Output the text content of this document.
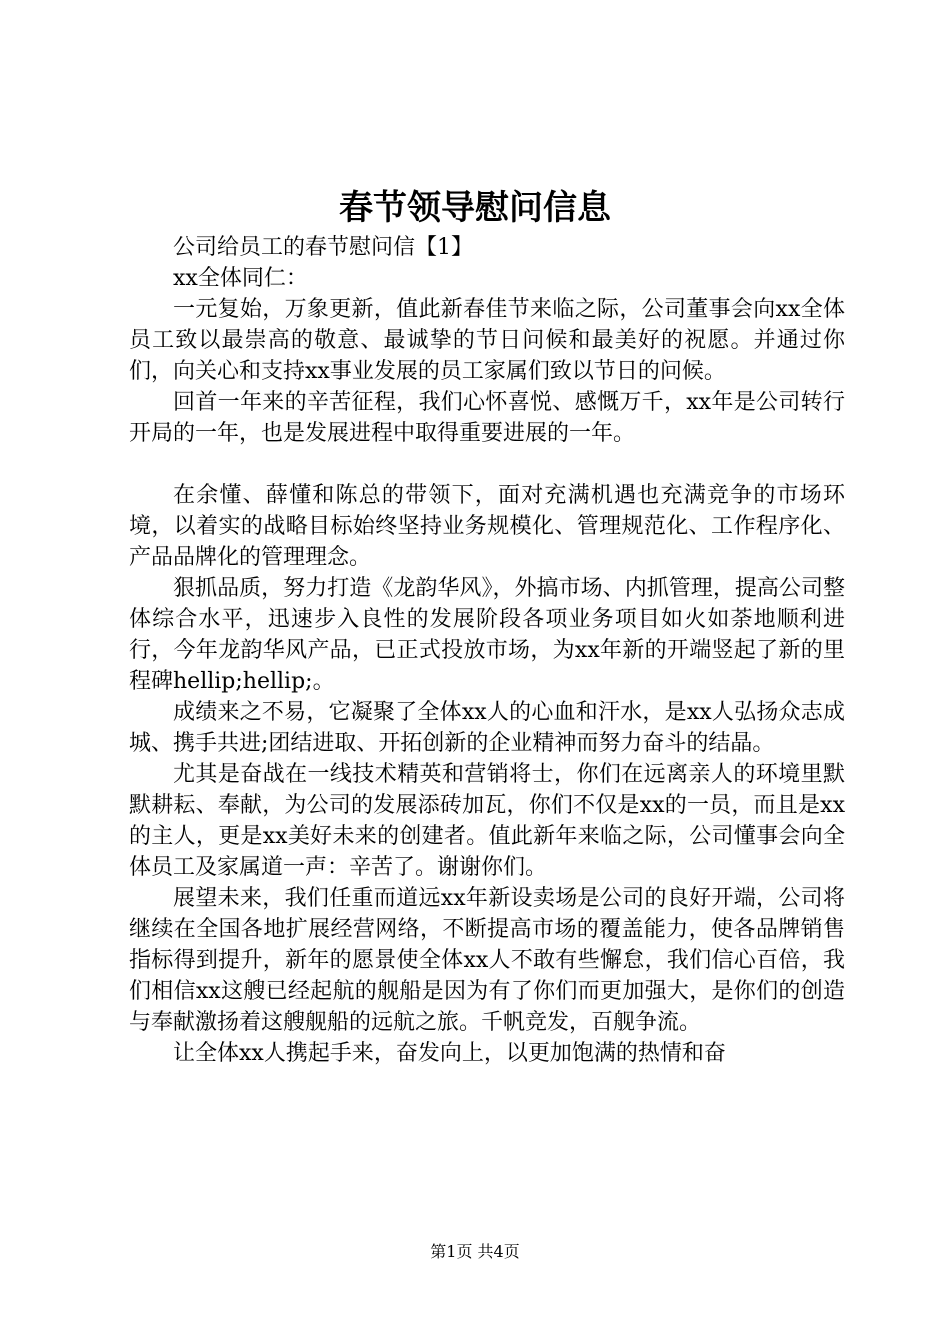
春节领导慰问信息

公司给员工的春节慰问信【1】

xx全体同仁：

一元复始，万象更新，值此新春佳节来临之际，公司董事会向xx全体员工致以最崇高的敬意、最诚挚的节日问候和最美好的祝愿。并通过你们，向关心和支持xx事业发展的员工家属们致以节日的问候。

回首一年来的辛苦征程，我们心怀喜悦、感慨万千，xx年是公司转行开局的一年，也是发展进程中取得重要进展的一年。

在余懂、薛懂和陈总的带领下，面对充满机遇也充满竞争的市场环境，以着实的战略目标始终坚持业务规模化、管理规范化、工作程序化、产品品牌化的管理理念。

狠抓品质，努力打造《龙韵华风》，外搞市场、内抓管理，提高公司整体综合水平，迅速步入良性的发展阶段各项业务项目如火如荼地顺利进行，今年龙韵华风产品，已正式投放市场，为xx年新的开端竖起了新的里程碑hellip;hellip;。

成绩来之不易，它凝聚了全体xx人的心血和汗水，是xx人弘扬众志成城、携手共进;团结进取、开拓创新的企业精神而努力奋斗的结晶。

尤其是奋战在一线技术精英和营销将士，你们在远离亲人的环境里默默耕耘、奉献，为公司的发展添砖加瓦，你们不仅是xx的一员，而且是xx的主人，更是xx美好未来的创建者。值此新年来临之际，公司懂事会向全体员工及家属道一声：辛苦了。谢谢你们。

展望未来，我们任重而道远xx年新设卖场是公司的良好开端，公司将继续在全国各地扩展经营网络，不断提高市场的覆盖能力，使各品牌销售指标得到提升，新年的愿景使全体xx人不敢有些懈怠，我们信心百倍，我们相信xx这艘已经起航的舰船是因为有了你们而更加强大，是你们的创造与奉献激扬着这艘舰船的远航之旅。千帆竞发，百舰争流。

让全体xx人携起手来，奋发向上，以更加饱满的热情和奋

第1页 共4页
